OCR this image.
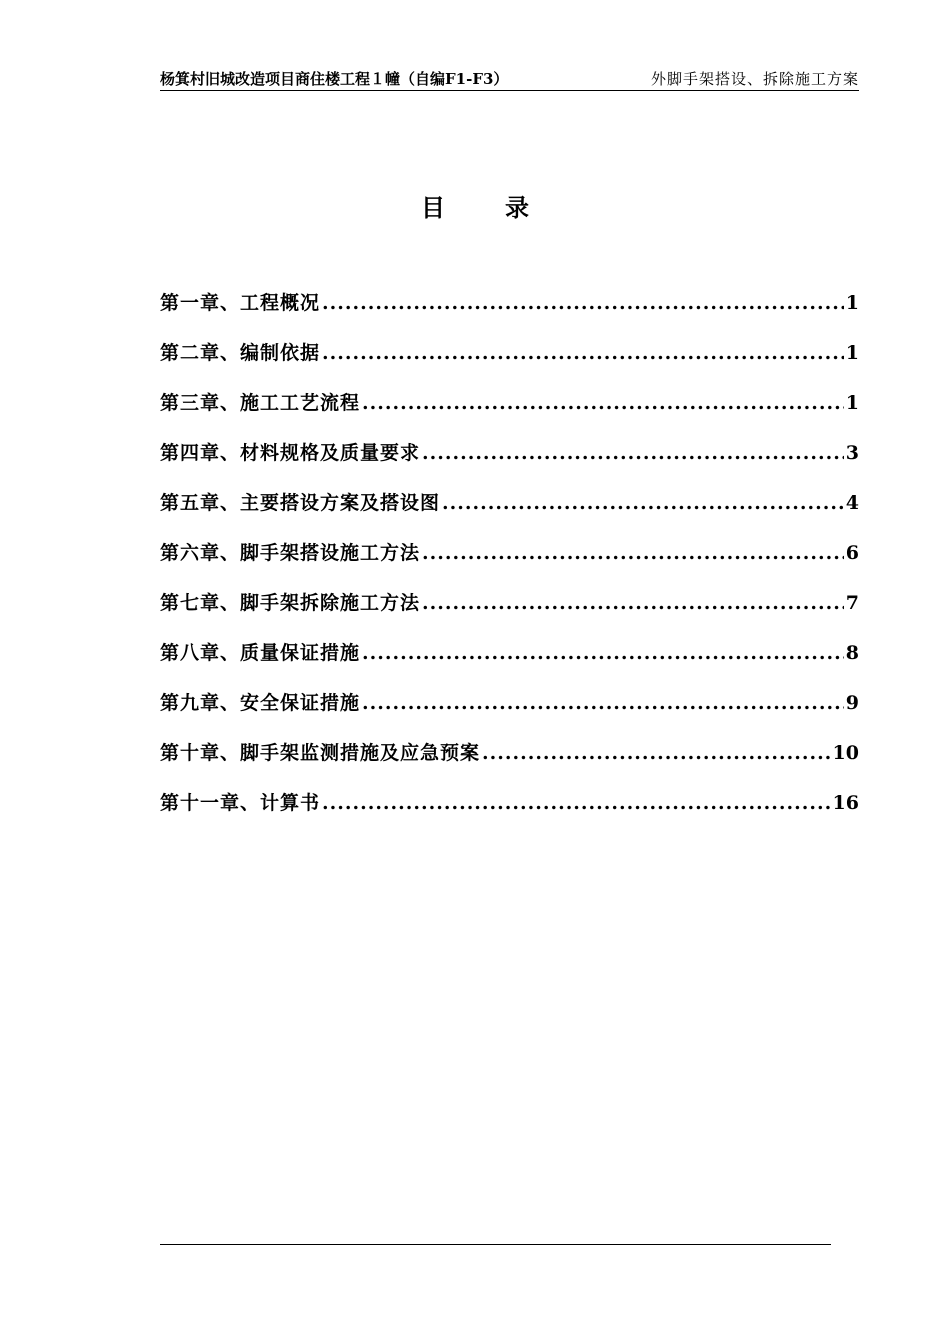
杨箕村旧城改造项目商住楼工程１幢（自编F1-F3）	外脚手架搭设、拆除施工方案
目录
第一章、工程概况 .....	1
第二章、编制依据 .....	1
第三章、施工工艺流程 .....	1
第四章、材料规格及质量要求 .....	3
第五章、主要搭设方案及搭设图 .....	4
第六章、脚手架搭设施工方法 .....	6
第七章、脚手架拆除施工方法 .....	7
第八章、质量保证措施 .....	8
第九章、安全保证措施 .....	9
第十章、脚手架监测措施及应急预案 .....	10
第十一章、计算书 .....	16
